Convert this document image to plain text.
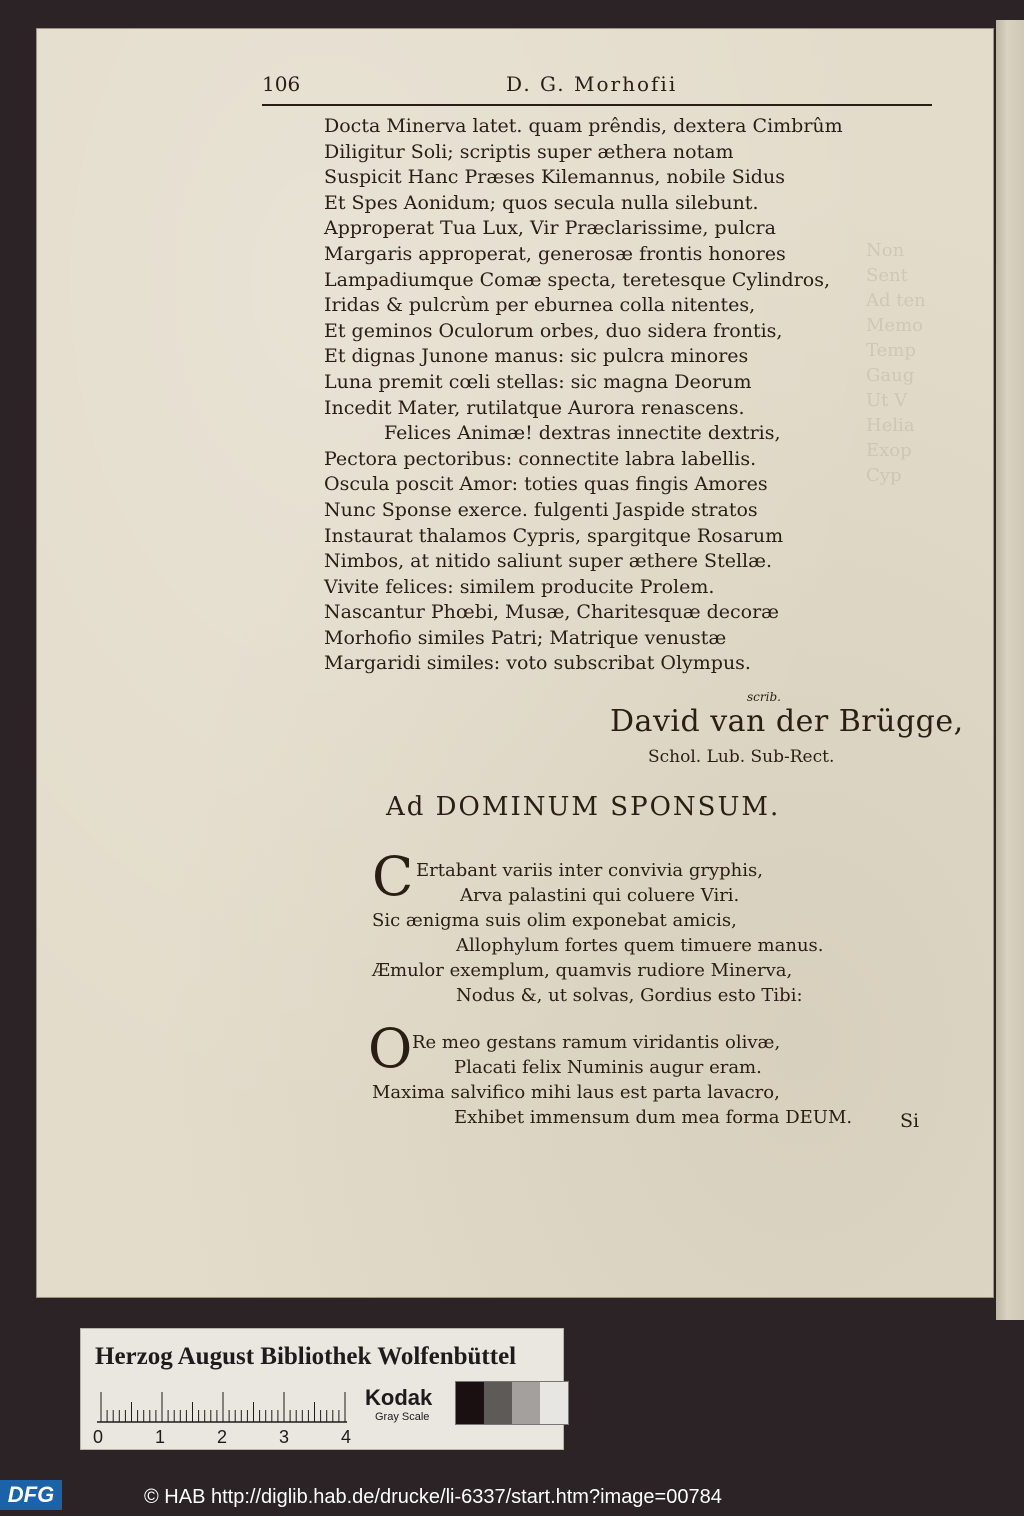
Non
Sent
Ad ten
Memo
Temp
Gaug
Ut V
Helia
Exop
Cyp
106	D. G. Morhofii
Docta Minerva latet. quam prêndis, dextera Cimbrûm
Diligitur Soli; scriptis super æthera notam
Suspicit Hanc Præses Kilemannus, nobile Sidus
Et Spes Aonidum; quos secula nulla silebunt.
Approperat Tua Lux, Vir Præclarissime, pulcra
Margaris approperat, generosæ frontis honores
Lampadiumque Comæ specta, teretesque Cylindros,
Iridas & pulcrùm per eburnea colla nitentes,
Et geminos Oculorum orbes, duo sidera frontis,
Et dignas Junone manus: sic pulcra minores
Luna premit cœli stellas: sic magna Deorum
Incedit Mater, rutilatque Aurora renascens.
Felices Animæ! dextras innectite dextris,
Pectora pectoribus: connectite labra labellis.
Oscula poscit Amor: toties quas fingis Amores
Nunc Sponse exerce. fulgenti Jaspide stratos
Instaurat thalamos Cypris, spargitque Rosarum
Nimbos, at nitido saliunt super æthere Stellæ.
Vivite felices: similem producite Prolem.
Nascantur Phœbi, Musæ, Charitesquæ decoræ
Morhofio similes Patri; Matrique venustæ
Margaridi similes: voto subscribat Olympus.
scrib.
David van der Brügge,
Schol. Lub. Sub-Rect.
Ad DOMINUM SPONSUM.
C Ertabant variis inter convivia gryphis,
Arva palastini qui coluere Viri.
Sic ænigma suis olim exponebat amicis,
Allophylum fortes quem timuere manus.
Æmulor exemplum, quamvis rudiore Minerva,
Nodus &, ut solvas, Gordius esto Tibi:
O Re meo gestans ramum viridantis olivæ,
Placati felix Numinis augur eram.
Maxima salvifico mihi laus est parta lavacro,
Exhibet immensum dum mea forma DEUM.	Si
Herzog August Bibliothek Wolfenbüttel
0	1	2	3	4
Kodak
Gray Scale
DFG	© HAB http://diglib.hab.de/drucke/li-6337/start.htm?image=00784
